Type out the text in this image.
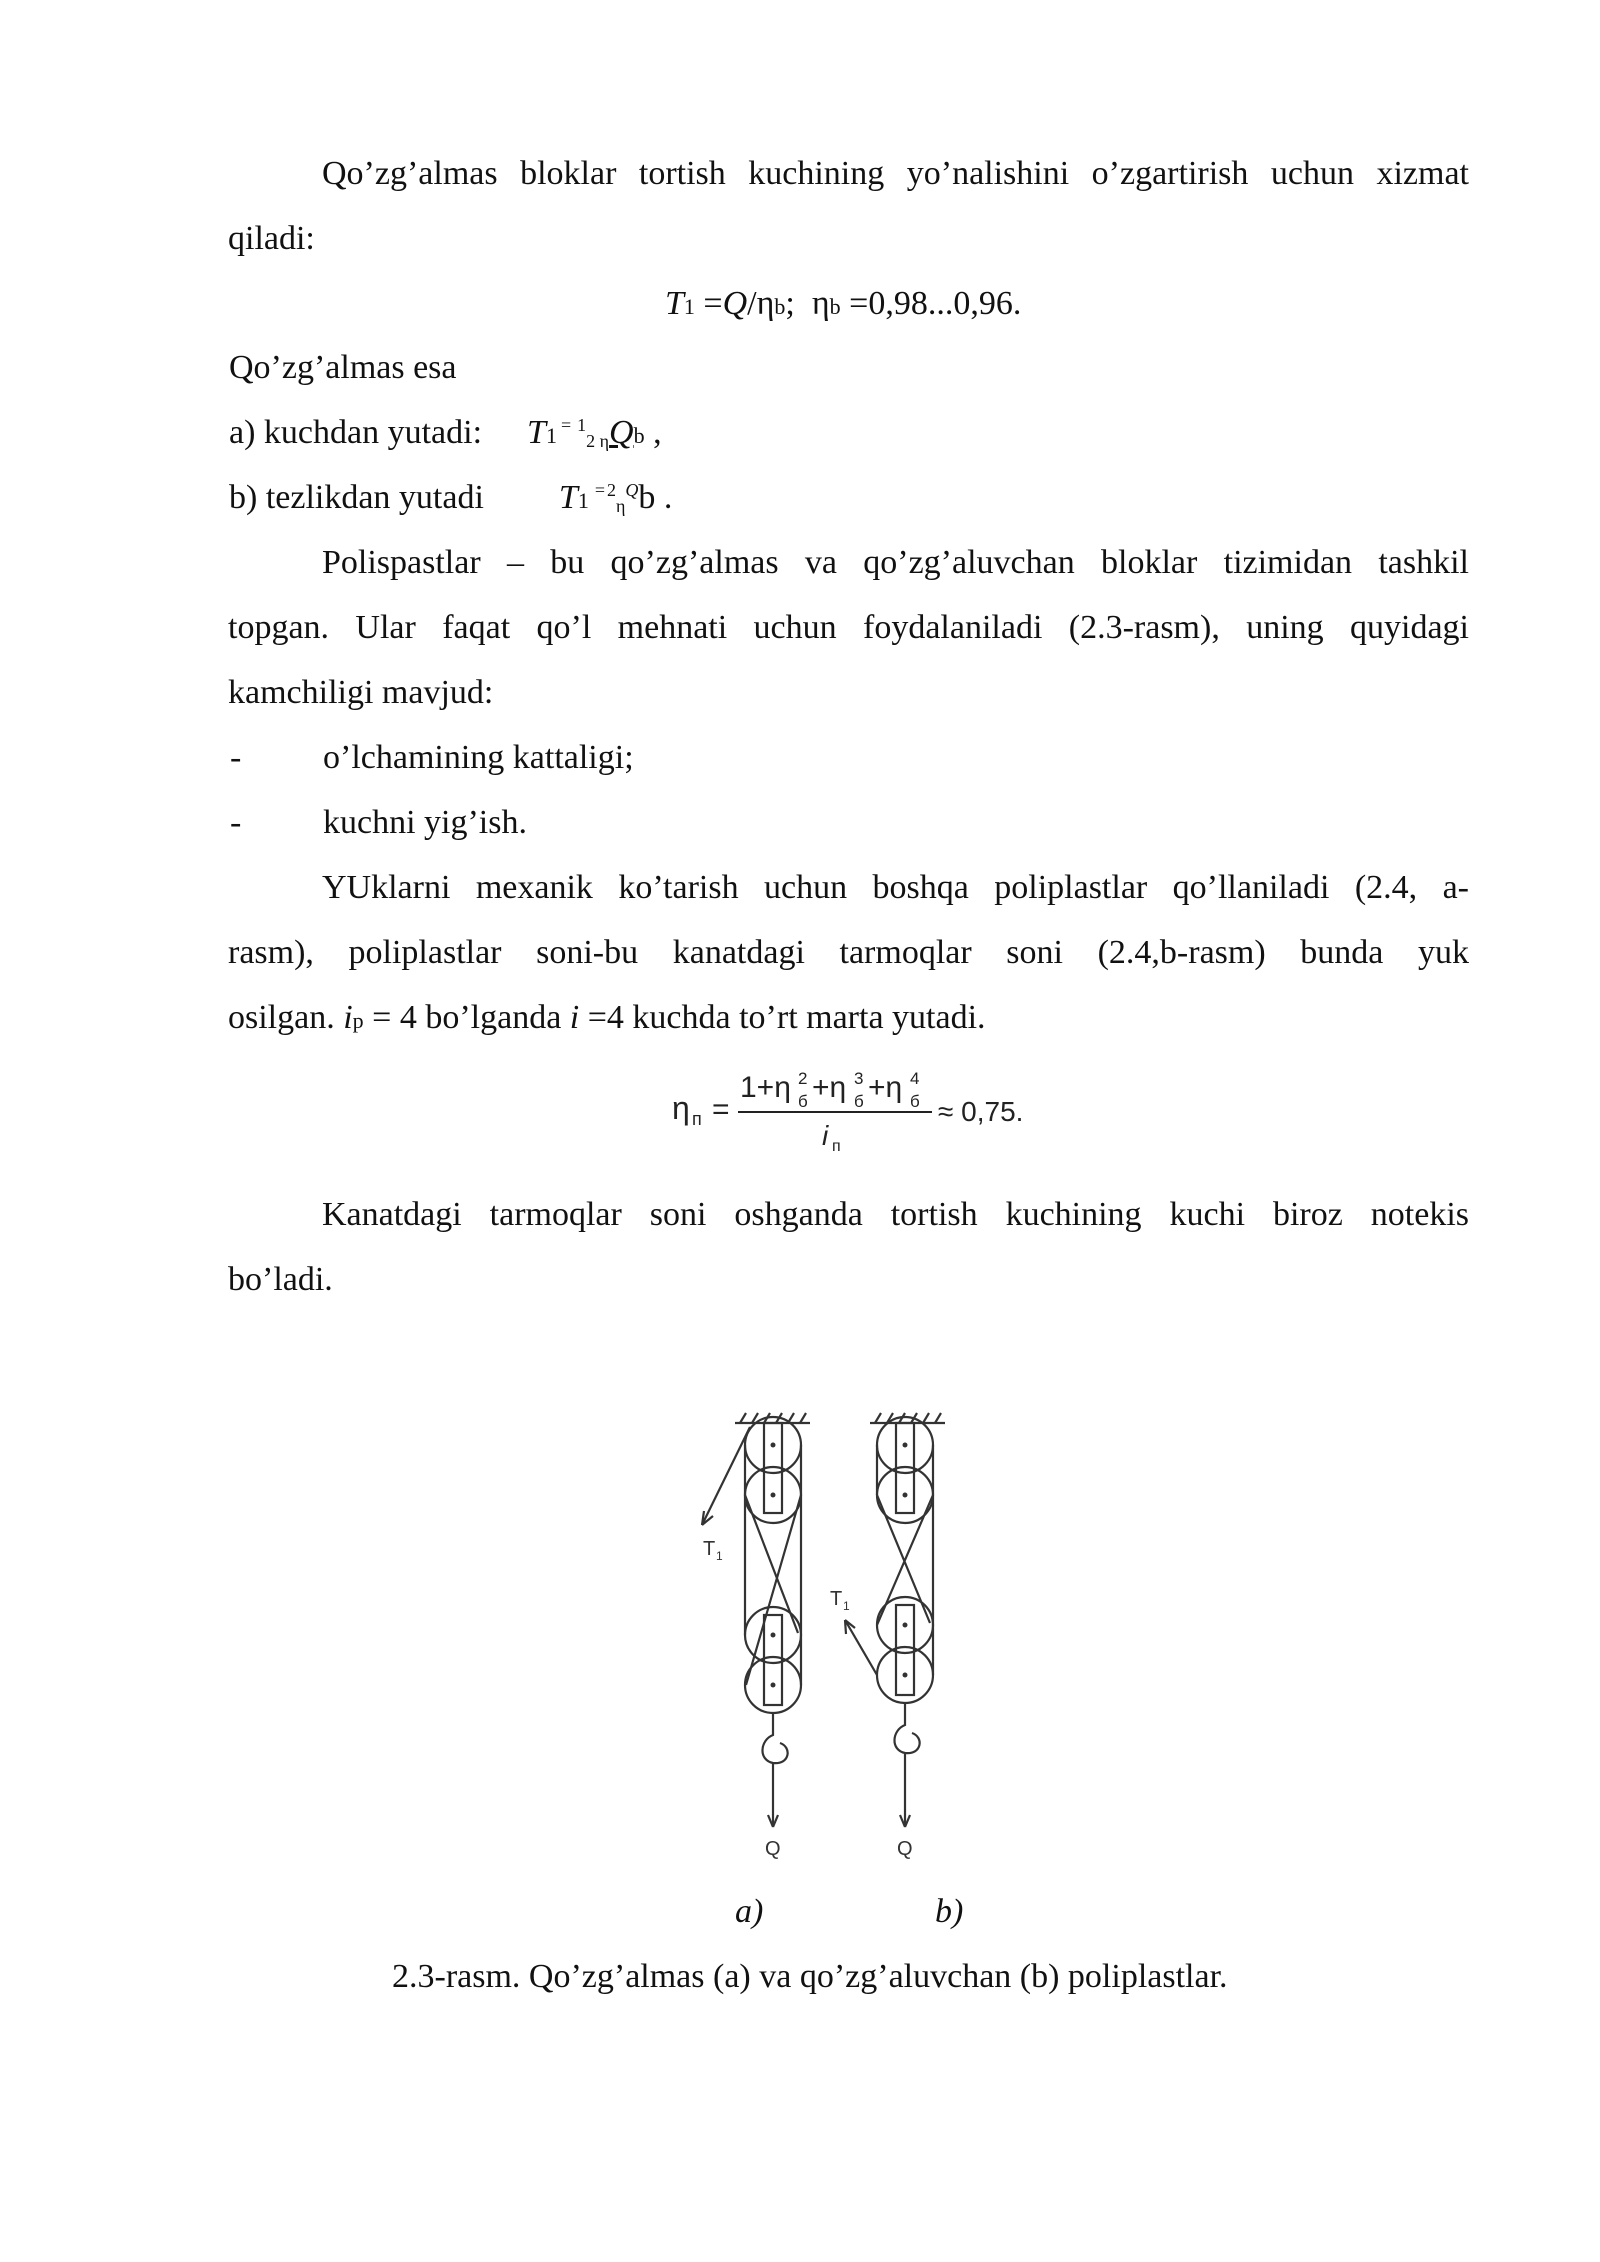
Qo’zg’almas bloklar tortish kuchining yo’nalishini o’zgartirish uchun xizmat
qiladi:
T1 =Q/ηb;  ηb =0,98...0,96.
Qo’zg’almas esa
a) kuchdan yutadi: T1 = $^1$2 ηQb ,
b) tezlikdan yutadi T1 = $^2\eta^Qb$ .
Polispastlar – bu qo’zg’almas va qo’zg’aluvchan bloklar tizimidan tashkil
topgan. Ular faqat qo’l mehnati uchun foydalaniladi (2.3-rasm), uning quyidagi
kamchiligi mavjud:
- o’lchamining kattaligi;
- kuchni yig’ish.
YUklarni mexanik ko’tarish uchun boshqa poliplastlar qo’llaniladi (2.4, a-
rasm), poliplastlar soni-bu kanatdagi tarmoqlar soni (2.4,b-rasm) bunda yuk
osilgan. ip = 4 bo’lganda i =4 kuchda to’rt marta yutadi.
η п =
1+η б
2 +η б
3 +η б
4
i п
≈ 0,75.
Kanatdagi tarmoqlar soni oshganda tortish kuchining kuchi biroz notekis
bo’ladi.
T 1
T 1
Q	Q
a)	b)
2.3-rasm. Qo’zg’almas (a) va qo’zg’aluvchan (b) poliplastlar.
